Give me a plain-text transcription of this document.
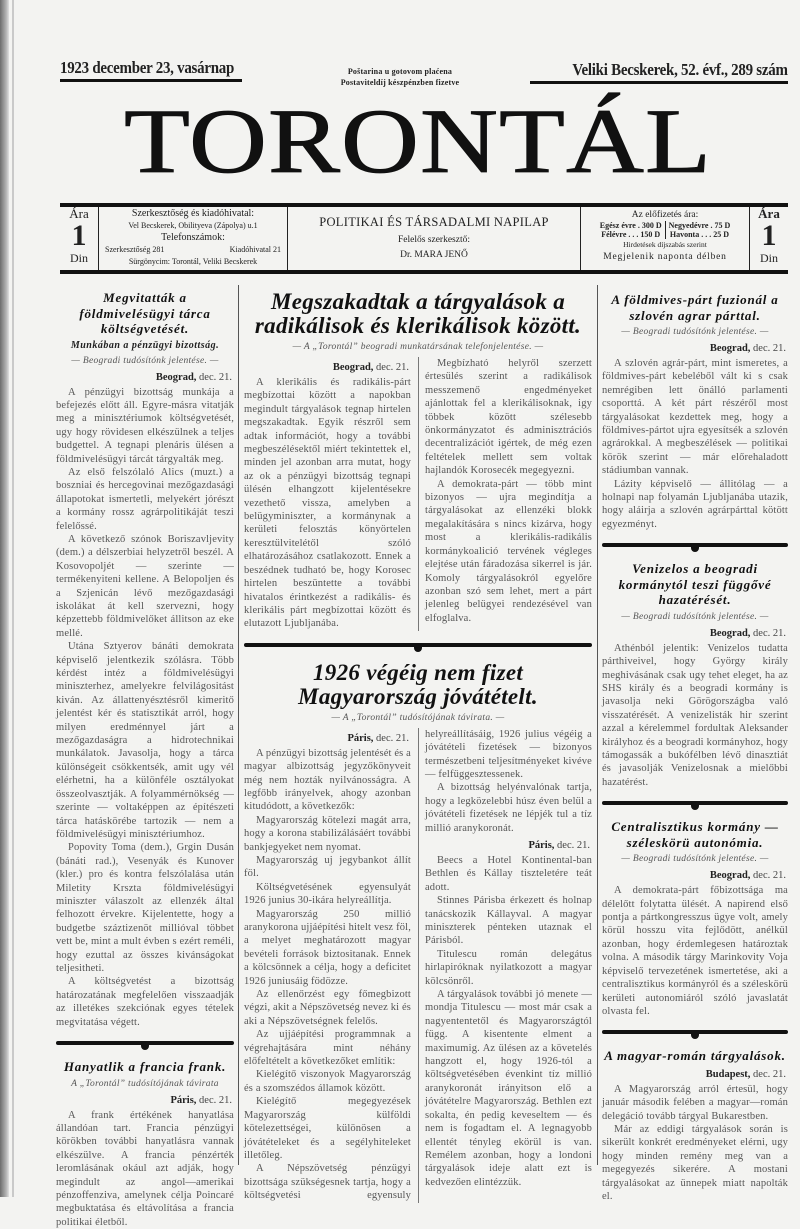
1923 december 23, vasárnap	Poštarina u gotovom plaćena
Postaviteldíj készpénzben fizetve
Veliki Becskerek, 52. évf., 289 szám
TORONTÁL
Ára
1
Din
Szerkesztőség és kiadóhivatal:
Vel Becskerek, Obilityeva (Zápolya) u.1
Telefonszámok:
Szerkesztőség 281	Kiadóhivatal 21
Sürgönycim: Torontál, Veliki Becskerek
POLITIKAI ÉS TÁRSADALMI NAPILAP
Felelős szerkesztő:
Dr. MARA JENŐ
Az előfizetés ára:
Egész évre . 300 D	Negyedévre . 75 D
Félévre . . . 150 D	Havonta . . . 25 D
Hirdetések díjszabás szerint
Megjelenik naponta délben
Ára
1
Din
Megvitatták a földmivelésügyi tárca költségvetését.
Munkában a pénzügyi bizottság.
— Beogradi tudósítónk jelentése. —
Beograd, dec. 21.

A pénzügyi bizottság munkája a befejezés előtt áll. Egyre-másra vitatják meg a minisztériumok költségvetését, ugy hogy rövidesen elkészülnek a teljes budgettel. A tegnapi plenáris ülésen a földmivelésügyi tárcát tárgyalták meg.

Az első felszólaló Alics (muzt.) a boszniai és hercegovinai mezőgazdasági állapotokat ismertetli, melyekért jórészt a kormány rossz agrárpolitikáját teszi felelőssé.

A következő szónok Boriszavljevity (dem.) a délszerbiai helyzetről beszél. A Kosovopoljét — szerinte — termékenyiteni kellene. A Belopoljen és a Szjenicán lévő mezőgazdasági iskolákat át kell szervezni, hogy képzettebb földmivelőket állitson az eke mellé.

Utána Sztyerov bánáti demokrata képviselő jelentkezik szólásra. Több kérdést intéz a földmivelésügyi miniszterhez, amelyekre felvilágositást kiván. Az állattenyésztésről kimeritő jelentést kér és statisztikát arról, hogy milyen eredménnyel járt a mezőgazdaságra a hidrotechnikai munkálatok. Javasolja, hogy a tárca különségeit csökkentsék, amit ugy vél elérhetni, ha a különféle osztályokat összeolvasztják. A folyammérnökség — szerinte — voltaképpen az építészeti tárca hatáskörébe tartozik — nem a földmivelésügyi minisztériumhoz.

Popovity Toma (dem.), Grgin Dusán (bánáti rad.), Vesenyák és Kunover (kler.) pro és kontra felszólalása után Miletity Krszta földmivelésügyi miniszter válaszolt az ellenzék által felhozott érvekre. Kijelentette, hogy a budgetbe száztizenöt millióval többet vett be, mint a mult évben s ezért reméli, hogy ezuttal az összes kivánságokat teljesitheti.

A költségvetést a bizottság határozatának megfelelően visszaadják az illetékes szekciónak egyes tételek megvitatása végett.

Hanyatlik a francia frank.
A „Torontál” tudósítójának távirata
Páris, dec. 21.

A frank értékének hanyatlása állandóan tart. Francia pénzügyi körökben további hanyatlásra vannak elkészülve. A francia pénzérték leromlásának okául azt adják, hogy megindult az angol—amerikai pénzoffenziva, amelynek célja Poincaré megbuktatása és eltávolítása a francia politikai életből.

Megszakadtak a tárgyalások a radikálisok és klerikálisok között.
— A „Torontál” beogradi munkatársának telefonjelentése. —
Beograd, dec. 21.

A klerikális és radikális-párt megbízottai között a napokban megindult tárgyalások tegnap hirtelen megszakadtak. Egyik részről sem adtak információt, hogy a további megbeszélésektől miért tekintettek el, minden jel azonban arra mutat, hogy az ok a pénzügyi bizottság tegnapi ülésén elhangzott kijelentésekre vezethető vissza, amelyben a belügyminiszter, a kormánynak a kerületi felosztás könyörtelen keresztülvitelétől szóló elhatározásához csatlakozott. Ennek a beszédnek tudható be, hogy Korosec hirtelen beszüntette a további hivatalos érintkezést a radikális- és klerikális párt megbízottai között és elutazott Ljubljanába.

Megbízható helyről szerzett értesülés szerint a radikálisok messzemenő engedményeket ajánlottak fel a klerikálisoknak, igy többek között szélesebb önkormányzatot és adminisztrációs decentralizációt igértek, de még ezen feltételek mellett sem voltak hajlandók Korosecék megegyezni.

A demokrata-párt — több mint bizonyos — ujra megindítja a tárgyalásokat az ellenzéki blokk megalakítására s nincs kizárva, hogy most a klerikális-radikális kormánykoalició tervének végleges elejtése után fáradozása sikerrel is jár. Komoly tárgyalásokról egyelőre azonban szó sem lehet, mert a párt jelenleg belügyei rendezésével van elfoglalva.

1926 végéig nem fizet Magyarország jóvátételt.
— A „Torontál” tudósítójának távirata. —
Páris, dec. 21.

A pénzügyi bizottság jelentését és a magyar albizottság jegyzőkönyveit még nem hozták nyilvánosságra. A legfőbb irányelvek, ahogy azonban kitudódott, a következők:

Magyarország kötelezi magát arra, hogy a korona stabilizálásáért további bankjegyeket nem nyomat.

Magyarország uj jegybankot állít föl.

Költségvetésének egyensulyát 1926 junius 30-ikára helyreállítja.

Magyarország 250 millió aranykorona ujjáépítési hitelt vesz föl, a melyet meghatározott magyar bevételi források biztositanak. Ennek a kölcsönnek a célja, hogy a deficitet 1926 juniusáig födözze.

Az ellenőrzést egy főmegbizott végzi, akit a Népszövetség nevez ki és aki a Népszövetségnek felelős.

Az ujjáépítési programmnak a végrehajtására mint néhány előfeltételt a következőket említik:

Kielégítő viszonyok Magyarország és a szomszédos államok között.

Kielégítő megegyezések Magyarország külföldi kötelezettségei, különösen a jóvátételeket és a segélyhiteleket illetőleg.

A Népszövetség pénzügyi bizottsága szükségesnek tartja, hogy a költségvetési egyensuly helyreállításáig, 1926 julius végéig a jóvátételi fizetések — bizonyos természetbeni teljesítményeket kivéve — felfüggesztessenek.

A bizottság helyénvalónak tartja, hogy a legközelebbi húsz éven belül a jóvátételi fizetések ne lépjék tul a tíz millió aranykoronát.

Páris, dec. 21.

Beecs a Hotel Kontinental-ban Bethlen és Kállay tiszteletére teát adott.

Stinnes Párisba érkezett és holnap tanácskozik Kállayval. A magyar miniszterek pénteken utaznak el Párisból.

Titulescu román delegátus hirlapiróknak nyilatkozott a magyar kölcsönről.

A tárgyalások további jó menete — mondja Titulescu — most már csak a nagyententetől és Magyarországtól függ. A kisentente elment a maximumig. Az ülésen az a követelés hangzott el, hogy 1926-tól a költségvetésében évenkint tíz millió aranykoronát irányitson elő a jóvátételre Magyarország. Bethlen ezt sokalta, én pedig keveseltem — és nem is fogadtam el. A legnagyobb ellentét tényleg ekörül is van. Remélem azonban, hogy a londoni tárgyalások ideje alatt ezt is kedvezően elintézzük.

A földmives-párt fuzionál a szlovén agrar párttal.
— Beogradi tudósítónk jelentése. —
Beograd, dec. 21.

A szlovén agrár-párt, mint ismeretes, a földmives-párt kebeléből vált ki s csak nemrégiben lett önálló parlamenti csoporttá. A két párt részéről most tárgyalásokat kezdettek meg, hogy a földmives-pártot ujra egyesítsék a szlovén agrárokkal. A megbeszélések — politikai körök szerint — már előrehaladott stádiumban vannak.

Lázity képviselő — állitólag — a holnapi nap folyamán Ljubljanába utazik, hogy aláirja a szlovén agrárpárttal kötött egyezményt.

Venizelos a beogradi kormánytól teszi függővé hazatérését.
— Beogradi tudósítónk jelentése. —
Beograd, dec. 21.

Athénból jelentik: Venizelos tudatta párthiveivel, hogy György király meghivásának csak ugy tehet eleget, ha az SHS király és a beogradi kormány is javasolja neki Görögországba való visszatérését. A venizelisták hir szerint azzal a kérelemmel fordultak Aleksander királyhoz és a beogradi kormányhoz, hogy támogassák a bukófélben lévő dinasztiát és javasolják Venizelosnak a mielőbbi hazatérést.

Centralisztikus kormány — széleskörü autonómia.
— Beogradi tudósítónk jelentése. —
Beograd, dec. 21.

A demokrata-párt főbizottsága ma délelőtt folytatta ülését. A napirend első pontja a pártkongresszus ügye volt, amely körül hosszu vita fejlődött, anélkül azonban, hogy érdemlegesen határoztak volna. A második tárgy Marinkovity Voja képviselő tervezetének ismertetése, aki a centralisztikus kormányról és a széleskörü kerületi autonomiáról szóló javaslatát olvasta fel.

A magyar-román tárgyalások.
Budapest, dec. 21.

A Magyarország arról értesül, hogy január második felében a magyar—román delegáció tovább tárgyal Bukarestben.

Már az eddigi tárgyalások során is sikerült konkrét eredményeket elérni, ugy hogy minden remény meg van a megegyezés sikerére. A mostani tárgyalásokat az ünnepek miatt napolták el.
